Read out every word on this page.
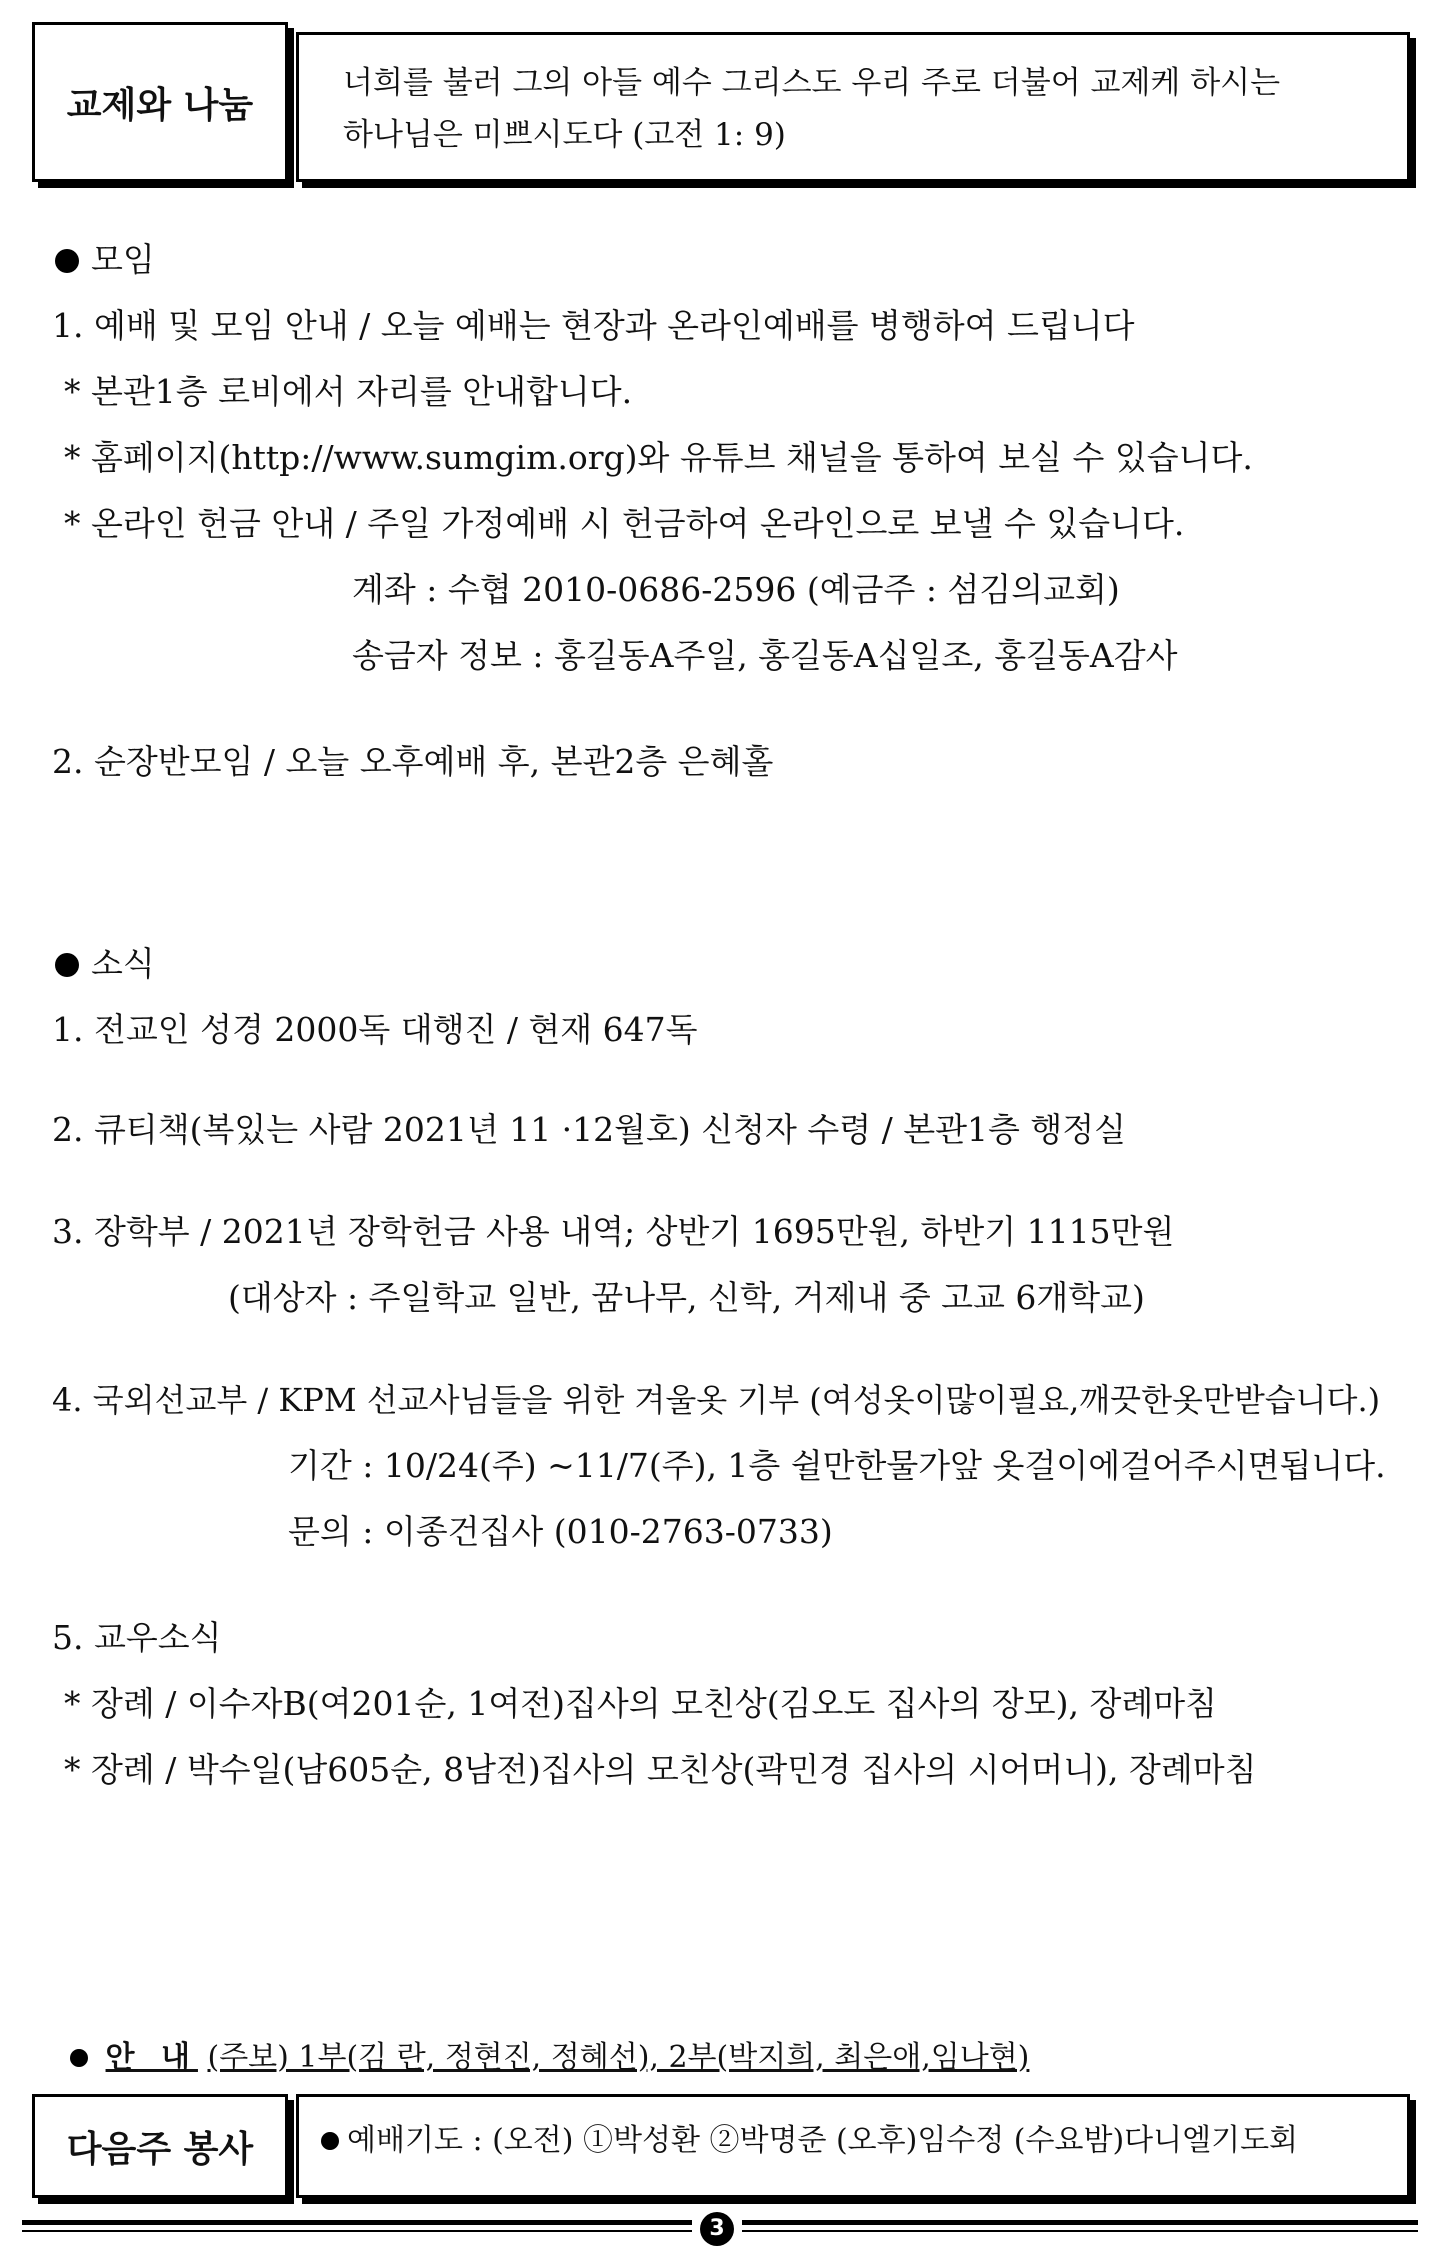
교제와 나눔
너희를 불러 그의 아들 예수 그리스도 우리 주로 더불어 교제케 하시는
하나님은 미쁘시도다 (고전 1: 9)
모임
1. 예배 및 모임 안내 / 오늘 예배는 현장과 온라인예배를 병행하여 드립니다
* 본관1층 로비에서 자리를 안내합니다.
* 홈페이지(http://www.sumgim.org)와 유튜브 채널을 통하여 보실 수 있습니다.
* 온라인 헌금 안내 / 주일 가정예배 시 헌금하여 온라인으로 보낼 수 있습니다.
계좌 : 수협 2010-0686-2596 (예금주 : 섬김의교회)
송금자 정보 : 홍길동A주일, 홍길동A십일조, 홍길동A감사
2. 순장반모임 / 오늘 오후예배 후, 본관2층 은혜홀
소식
1. 전교인 성경 2000독 대행진 / 현재 647독
2. 큐티책(복있는 사람 2021년 11 ·12월호) 신청자 수령 / 본관1층 행정실
3. 장학부 / 2021년 장학헌금 사용 내역; 상반기 1695만원, 하반기 1115만원
(대상자 : 주일학교 일반, 꿈나무, 신학, 거제내 중 고교 6개학교)
4. 국외선교부 / KPM 선교사님들을 위한 겨울옷 기부 (여성옷이많이필요,깨끗한옷만받습니다.)
기간 : 10/24(주) ~11/7(주), 1층 쉴만한물가앞 옷걸이에걸어주시면됩니다.
문의 : 이종건집사 (010-2763-0733)
5. 교우소식
* 장례 / 이수자B(여201순, 1여전)집사의 모친상(김오도 집사의 장모), 장례마침
* 장례 / 박수일(남605순, 8남전)집사의 모친상(곽민경 집사의 시어머니), 장례마침
안 내 (주보) 1부(김 란, 정현진, 정혜선), 2부(박지희, 최은애,임나현)
다음주 봉사	예배기도 : (오전) ①박성환 ②박명준 (오후)임수정 (수요밤)다니엘기도회
3
